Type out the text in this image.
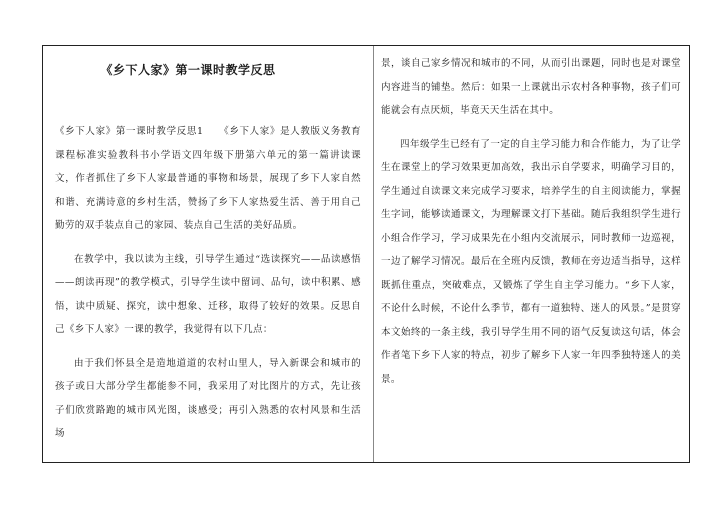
《乡下人家》第一课时教学反思

《乡下人家》第一课时教学反思1　　《乡下人家》是人教版义务教育课程标准实验教科书小学语文四年级下册第六单元的第一篇讲读课文，作者抓住了乡下人家最普通的事物和场景，展现了乡下人家自然和谐、充满诗意的乡村生活，赞扬了乡下人家热爱生活、善于用自己勤劳的双手装点自己的家园、装点自己生活的美好品质。

在教学中，我以读为主线，引导学生通过“选读探究——品读感悟——朗读再现”的教学模式，引导学生读中留词、品句，读中积累、感悟，读中质疑、探究，读中想象、迁移，取得了较好的效果。反思自己《乡下人家》一课的教学，我觉得有以下几点：

由于我们怀县全是造地道道的农村山里人，导入新课会和城市的孩子或日大部分学生都能参不同，我采用了对比图片的方式，先让孩子们欣赏路跑的城市风光图，谈感受；再引入熟悉的农村风景和生活场

景，谈自己家乡情况和城市的不同，从而引出课题，同时也是对课堂内容进当的铺垫。然后：如果一上课就出示农村各种事物，孩子们可能就会有点厌烦，毕竟天天生活在其中。

四年级学生已经有了一定的自主学习能力和合作能力，为了让学生在课堂上的学习效果更加高效，我出示自学要求，明确学习目的，学生通过自读课文来完成学习要求，培养学生的自主阅读能力，掌握生字词，能够读通课文，为理解课文打下基础。随后我组织学生进行小组合作学习，学习成果先在小组内交流展示，同时教师一边巡视，一边了解学习情况。最后在全班内反馈，教师在旁边适当指导，这样既抓住重点，突破难点，又锻炼了学生自主学习能力。“乡下人家，不论什么时候，不论什么季节，都有一道独特、迷人的风景。”是贯穿本文始终的一条主线，我引导学生用不同的语气反复读这句话，体会作者笔下乡下人家的特点，初步了解乡下人家一年四季独特迷人的美景。
